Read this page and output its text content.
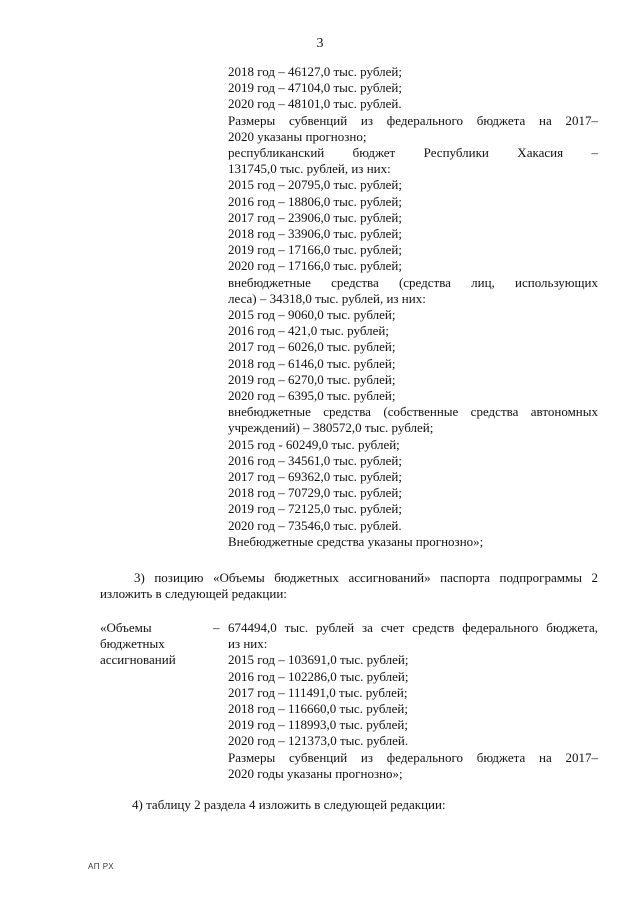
3
2018 год – 46127,0 тыс. рублей;
2019 год – 47104,0 тыс. рублей;
2020 год – 48101,0 тыс. рублей.
Размеры субвенций из федерального бюджета на 2017–
2020 указаны прогнозно;
республиканский бюджет Республики Хакасия –
131745,0 тыс. рублей, из них:
2015 год – 20795,0 тыс. рублей;
2016 год – 18806,0 тыс. рублей;
2017 год – 23906,0 тыс. рублей;
2018 год – 33906,0 тыс. рублей;
2019 год – 17166,0 тыс. рублей;
2020 год – 17166,0 тыс. рублей;
внебюджетные средства (средства лиц, использующих
леса) – 34318,0 тыс. рублей, из них:
2015 год – 9060,0 тыс. рублей;
2016 год – 421,0 тыс. рублей;
2017 год – 6026,0 тыс. рублей;
2018 год – 6146,0 тыс. рублей;
2019 год – 6270,0 тыс. рублей;
2020 год – 6395,0 тыс. рублей;
внебюджетные средства (собственные средства автономных
учреждений) – 380572,0 тыс. рублей;
2015 год - 60249,0 тыс. рублей;
2016 год – 34561,0 тыс. рублей;
2017 год – 69362,0 тыс. рублей;
2018 год – 70729,0 тыс. рублей;
2019 год – 72125,0 тыс. рублей;
2020 год – 73546,0 тыс. рублей.
Внебюджетные средства указаны прогнозно»;
3) позицию «Объемы бюджетных ассигнований» паспорта подпрограммы 2 изложить в следующей редакции:
«Объемы
бюджетных
ассигнований
– 674494,0 тыс. рублей за счет средств федерального бюджета,
из них:
2015 год – 103691,0 тыс. рублей;
2016 год – 102286,0 тыс. рублей;
2017 год – 111491,0 тыс. рублей;
2018 год – 116660,0 тыс. рублей;
2019 год – 118993,0 тыс. рублей;
2020 год – 121373,0 тыс. рублей.
Размеры субвенций из федерального бюджета на 2017–
2020 годы указаны прогнозно»;
4) таблицу 2 раздела 4 изложить в следующей редакции:
АП РХ
